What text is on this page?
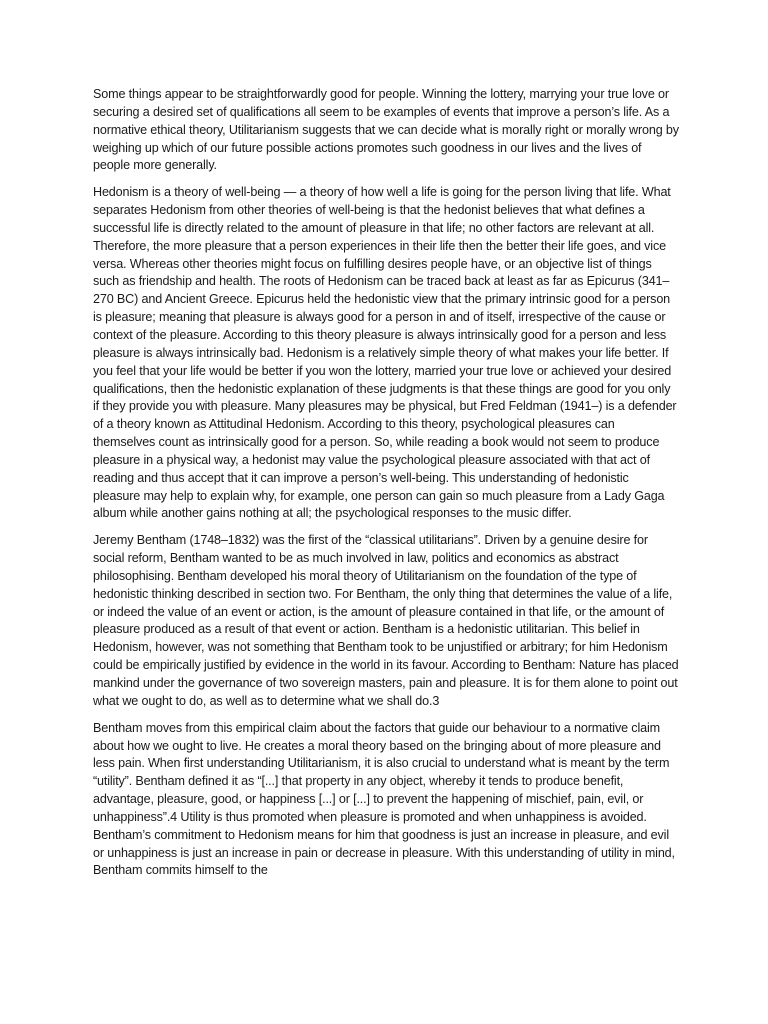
Some things appear to be straightforwardly good for people. Winning the lottery, marrying your true love or securing a desired set of qualifications all seem to be examples of events that improve a person’s life. As a normative ethical theory, Utilitarianism suggests that we can decide what is morally right or morally wrong by weighing up which of our future possible actions promotes such goodness in our lives and the lives of people more generally.

Hedonism is a theory of well-being — a theory of how well a life is going for the person living that life. What separates Hedonism from other theories of well-being is that the hedonist believes that what defines a successful life is directly related to the amount of pleasure in that life; no other factors are relevant at all. Therefore, the more pleasure that a person experiences in their life then the better their life goes, and vice versa. Whereas other theories might focus on fulfilling desires people have, or an objective list of things such as friendship and health. The roots of Hedonism can be traced back at least as far as Epicurus (341–270 BC) and Ancient Greece. Epicurus held the hedonistic view that the primary intrinsic good for a person is pleasure; meaning that pleasure is always good for a person in and of itself, irrespective of the cause or context of the pleasure. According to this theory pleasure is always intrinsically good for a person and less pleasure is always intrinsically bad. Hedonism is a relatively simple theory of what makes your life better. If you feel that your life would be better if you won the lottery, married your true love or achieved your desired qualifications, then the hedonistic explanation of these judgments is that these things are good for you only if they provide you with pleasure. Many pleasures may be physical, but Fred Feldman (1941–) is a defender of a theory known as Attitudinal Hedonism. According to this theory, psychological pleasures can themselves count as intrinsically good for a person. So, while reading a book would not seem to produce pleasure in a physical way, a hedonist may value the psychological pleasure associated with that act of reading and thus accept that it can improve a person’s well-being. This understanding of hedonistic pleasure may help to explain why, for example, one person can gain so much pleasure from a Lady Gaga album while another gains nothing at all; the psychological responses to the music differ.

Jeremy Bentham (1748–1832) was the first of the “classical utilitarians”. Driven by a genuine desire for social reform, Bentham wanted to be as much involved in law, politics and economics as abstract philosophising. Bentham developed his moral theory of Utilitarianism on the foundation of the type of hedonistic thinking described in section two. For Bentham, the only thing that determines the value of a life, or indeed the value of an event or action, is the amount of pleasure contained in that life, or the amount of pleasure produced as a result of that event or action. Bentham is a hedonistic utilitarian. This belief in Hedonism, however, was not something that Bentham took to be unjustified or arbitrary; for him Hedonism could be empirically justified by evidence in the world in its favour. According to Bentham: Nature has placed mankind under the governance of two sovereign masters, pain and pleasure. It is for them alone to point out what we ought to do, as well as to determine what we shall do.3

Bentham moves from this empirical claim about the factors that guide our behaviour to a normative claim about how we ought to live. He creates a moral theory based on the bringing about of more pleasure and less pain. When first understanding Utilitarianism, it is also crucial to understand what is meant by the term “utility”. Bentham defined it as “[...] that property in any object, whereby it tends to produce benefit, advantage, pleasure, good, or happiness [...] or [...] to prevent the happening of mischief, pain, evil, or unhappiness”.4 Utility is thus promoted when pleasure is promoted and when unhappiness is avoided. Bentham’s commitment to Hedonism means for him that goodness is just an increase in pleasure, and evil or unhappiness is just an increase in pain or decrease in pleasure. With this understanding of utility in mind, Bentham commits himself to the
